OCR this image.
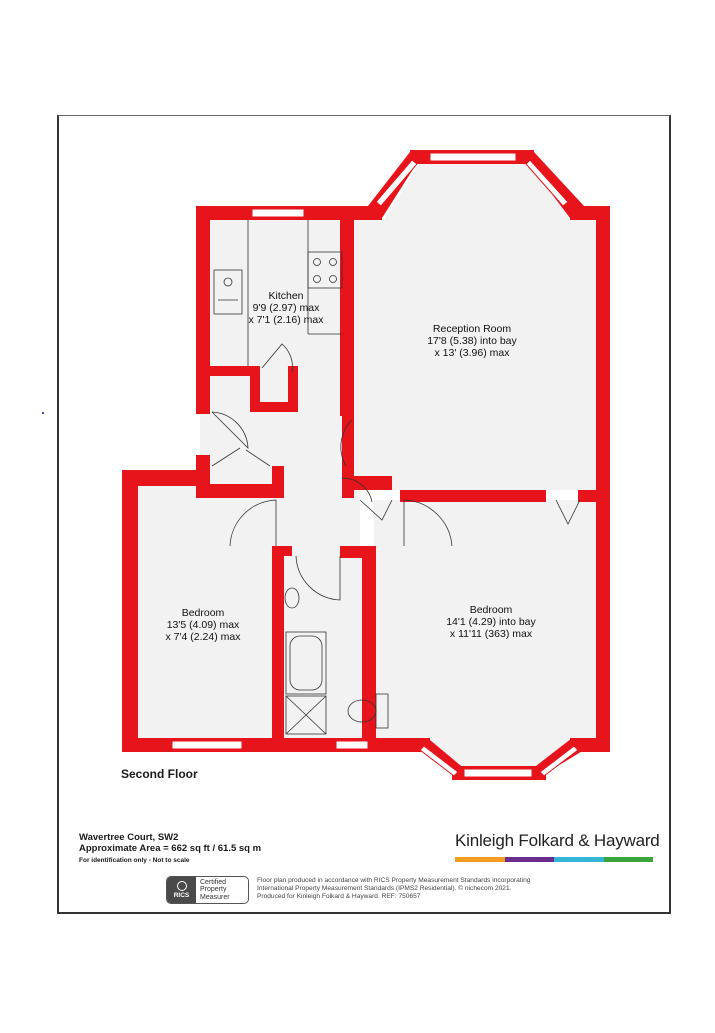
Kitchen
9'9 (2.97) max
x 7'1 (2.16) max
Reception Room
17'8 (5.38) into bay
x 13' (3.96) max
Bedroom
13'5 (4.09) max
x 7'4 (2.24) max
Bedroom
14'1 (4.29) into bay
x 11'11 (363) max
Second Floor
Wavertree Court, SW2
Approximate Area = 662 sq ft / 61.5 sq m
For identification only - Not to scale
Kinleigh Folkard & Hayward
RICS
Certified
Property
Measurer
Floor plan produced in accordance with RICS Property Measurement Standards incorporating
International Property Measurement Standards (IPMS2 Residential). © nichecom 2021.
Produced for Kinleigh Folkard & Hayward. REF: 750657
